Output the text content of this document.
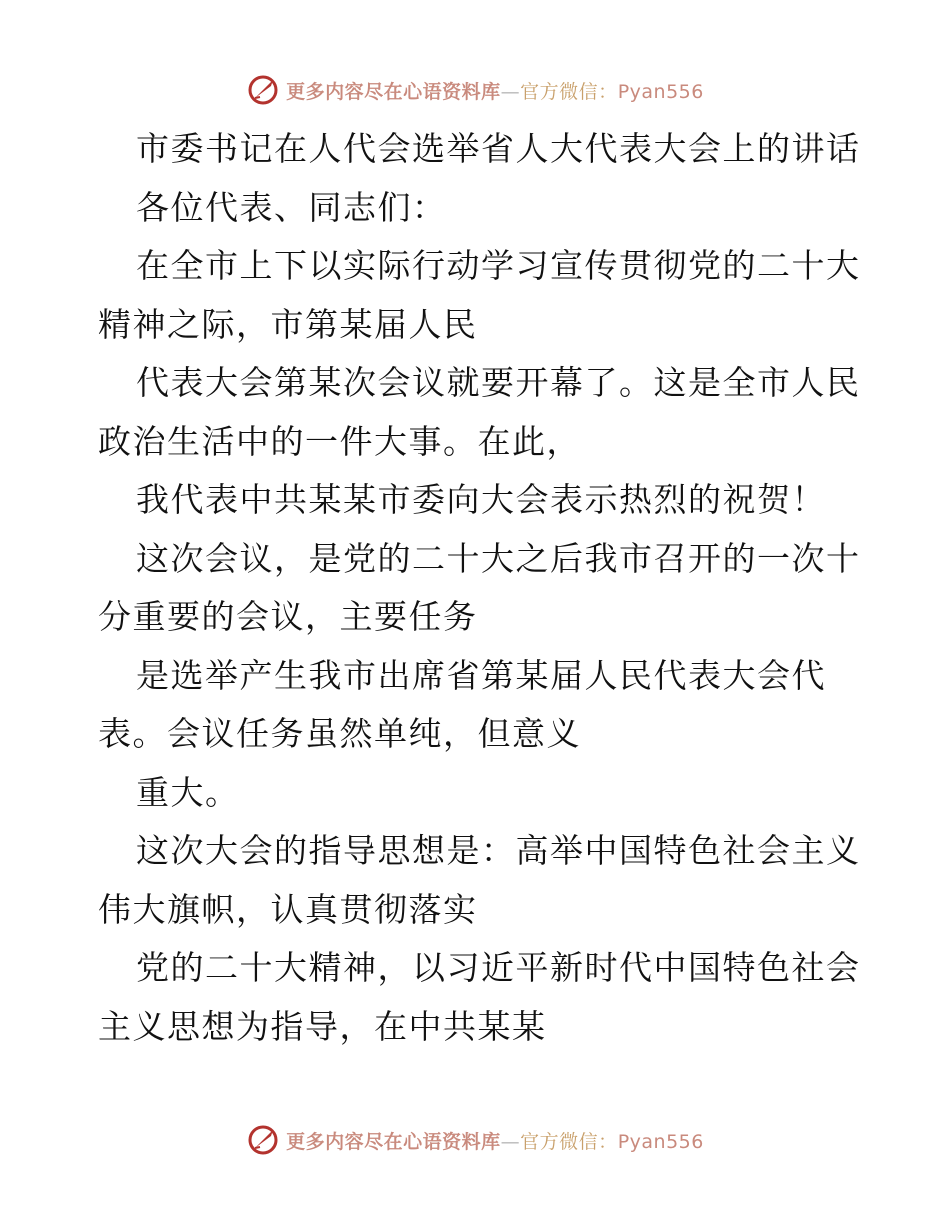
更多内容尽在心语资料库—官方微信：Pyan556
市委书记在人代会选举省人大代表大会上的讲话
各位代表、同志们：
在全市上下以实际行动学习宣传贯彻党的二十大
精神之际，市第某届人民
代表大会第某次会议就要开幕了。这是全市人民
政治生活中的一件大事。在此，
我代表中共某某市委向大会表示热烈的祝贺！
这次会议，是党的二十大之后我市召开的一次十
分重要的会议，主要任务
是选举产生我市出席省第某届人民代表大会代
表。会议任务虽然单纯，但意义
重大。
这次大会的指导思想是：高举中国特色社会主义
伟大旗帜，认真贯彻落实
党的二十大精神，以习近平新时代中国特色社会
主义思想为指导，在中共某某
更多内容尽在心语资料库—官方微信：Pyan556
